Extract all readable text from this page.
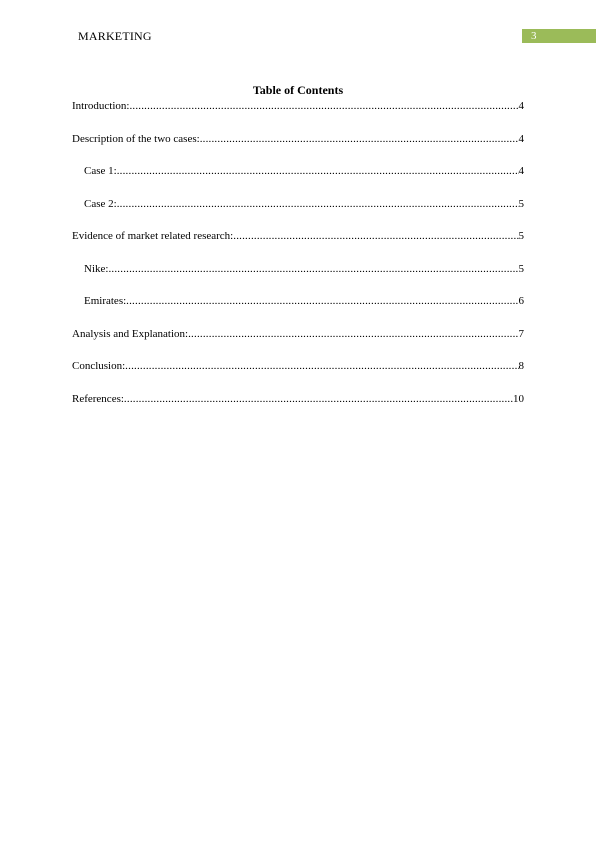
MARKETING	3
Table of Contents
Introduction: .....	4
Description of the two cases: .....	4
Case 1: .....	4
Case 2: .....	5
Evidence of market related research: .....	5
Nike: .....	5
Emirates: .....	6
Analysis and Explanation: .....	7
Conclusion: .....	8
References: .....	10
